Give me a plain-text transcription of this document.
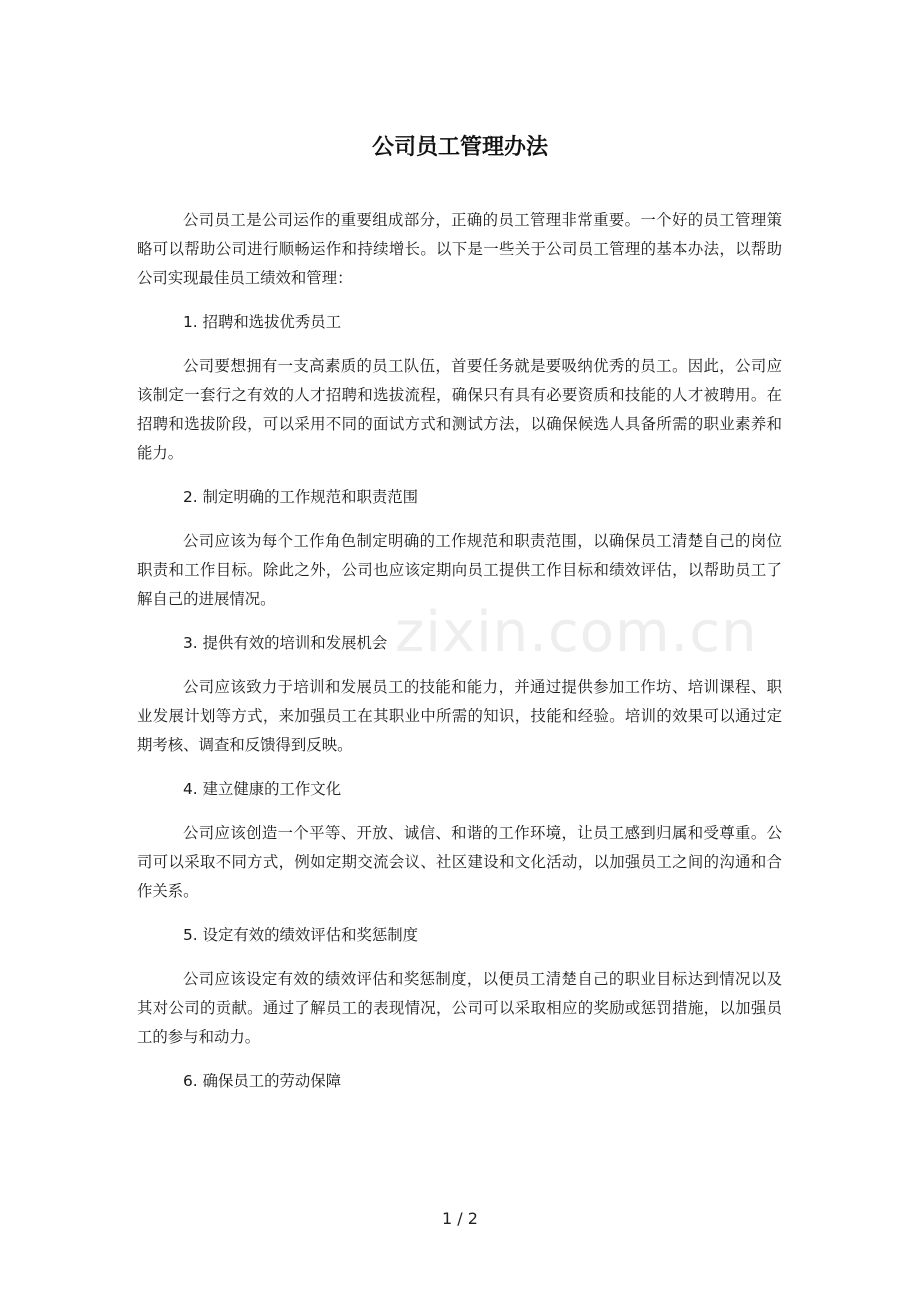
公司员工管理办法

公司员工是公司运作的重要组成部分，正确的员工管理非常重要。一个好的员工管理策略可以帮助公司进行顺畅运作和持续增长。以下是一些关于公司员工管理的基本办法，以帮助公司实现最佳员工绩效和管理：

1. 招聘和选拔优秀员工

公司要想拥有一支高素质的员工队伍，首要任务就是要吸纳优秀的员工。因此，公司应该制定一套行之有效的人才招聘和选拔流程，确保只有具有必要资质和技能的人才被聘用。在招聘和选拔阶段，可以采用不同的面试方式和测试方法，以确保候选人具备所需的职业素养和能力。

2. 制定明确的工作规范和职责范围

公司应该为每个工作角色制定明确的工作规范和职责范围，以确保员工清楚自己的岗位职责和工作目标。除此之外，公司也应该定期向员工提供工作目标和绩效评估，以帮助员工了解自己的进展情况。

3. 提供有效的培训和发展机会

公司应该致力于培训和发展员工的技能和能力，并通过提供参加工作坊、培训课程、职业发展计划等方式，来加强员工在其职业中所需的知识，技能和经验。培训的效果可以通过定期考核、调查和反馈得到反映。

4. 建立健康的工作文化

公司应该创造一个平等、开放、诚信、和谐的工作环境，让员工感到归属和受尊重。公司可以采取不同方式，例如定期交流会议、社区建设和文化活动，以加强员工之间的沟通和合作关系。

5. 设定有效的绩效评估和奖惩制度

公司应该设定有效的绩效评估和奖惩制度，以便员工清楚自己的职业目标达到情况以及其对公司的贡献。通过了解员工的表现情况，公司可以采取相应的奖励或惩罚措施，以加强员工的参与和动力。

6. 确保员工的劳动保障
zixin.com.cn
1 / 2
